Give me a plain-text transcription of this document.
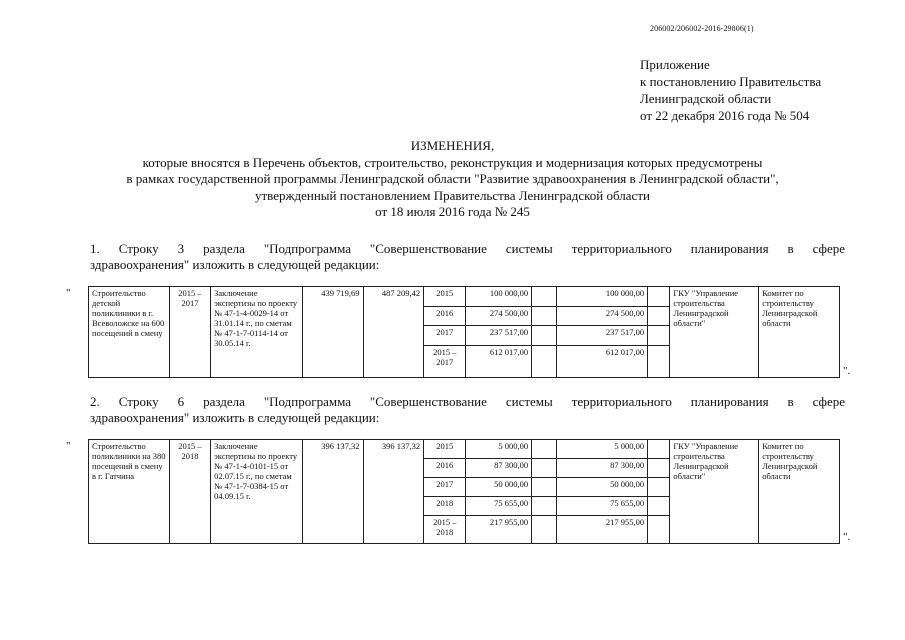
206002/206002-2016-29806(1)
Приложение
к постановлению Правительства
Ленинградской области
от 22 декабря 2016 года № 504
ИЗМЕНЕНИЯ,
которые вносятся в Перечень объектов, строительство, реконструкция и модернизация которых предусмотрены
в рамках государственной программы Ленинградской области "Развитие здравоохранения в Ленинградской области",
утвержденный постановлением Правительства Ленинградской области
от 18 июля 2016 года № 245
1. Строку 3 раздела "Подпрограмма "Совершенствование системы территориального планирования в сфере
здравоохранения" изложить в следующей редакции:
"	Строительство детской поликлиники в г. Всеволожске на 600 посещений в смену	2015 – 2017	Заключение экспертизы по проекту № 47-1-4-0029-14 от 31.01.14 г., по сметам № 47-1-7-0114-14 от 30.05.14 г.	439 719,69	487 209,42	2015	100 000,00		100 000,00		ГКУ "Управление строительства Ленинградской области"	Комитет по строительству Ленинградской области
					2016	274 500,00		274 500,00			
					2017	237 517,00		237 517,00			
					2015 – 2017	612 017,00		612 017,00			
".
2. Строку 6 раздела "Подпрограмма "Совершенствование системы территориального планирования в сфере
здравоохранения" изложить в следующей редакции:
"	Строительство поликлиники на 380 посещений в смену в г. Гатчина	2015 – 2018	Заключение экспертизы по проекту № 47-1-4-0101-15 от 02.07.15 г., по сметам № 47-1-7-0384-15 от 04.09.15 г.	396 137,32	396 137,32	2015	5 000,00		5 000,00		ГКУ "Управление строительства Ленинградской области"	Комитет по строительству Ленинградской области
					2016	87 300,00		87 300,00			
					2017	50 000,00		50 000,00			
					2018	75 655,00		75 655,00			
					2015 – 2018	217 955,00		217 955,00			
".
